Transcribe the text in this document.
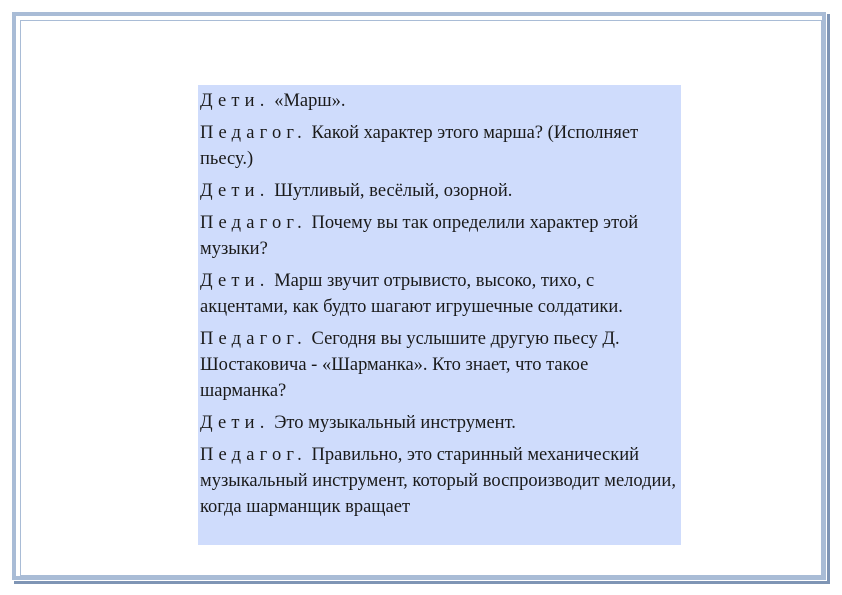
Дети. «Марш».

Педагог. Какой характер этого марша? (Исполняет пьесу.)

Дети. Шутливый, весёлый, озорной.

Педагог. Почему вы так определили характер этой музыки?

Дети. Марш звучит отрывисто, высоко, тихо, с акцентами, как будто шагают игрушечные солдатики.

Педагог. Сегодня вы услышите другую пьесу Д. Шостаковича - «Шарманка». Кто знает, что такое шарманка?

Дети. Это музыкальный инструмент.

Педагог. Правильно, это старинный механический музыкальный инструмент, который воспроизводит мелодии, когда шарманщик вращает
